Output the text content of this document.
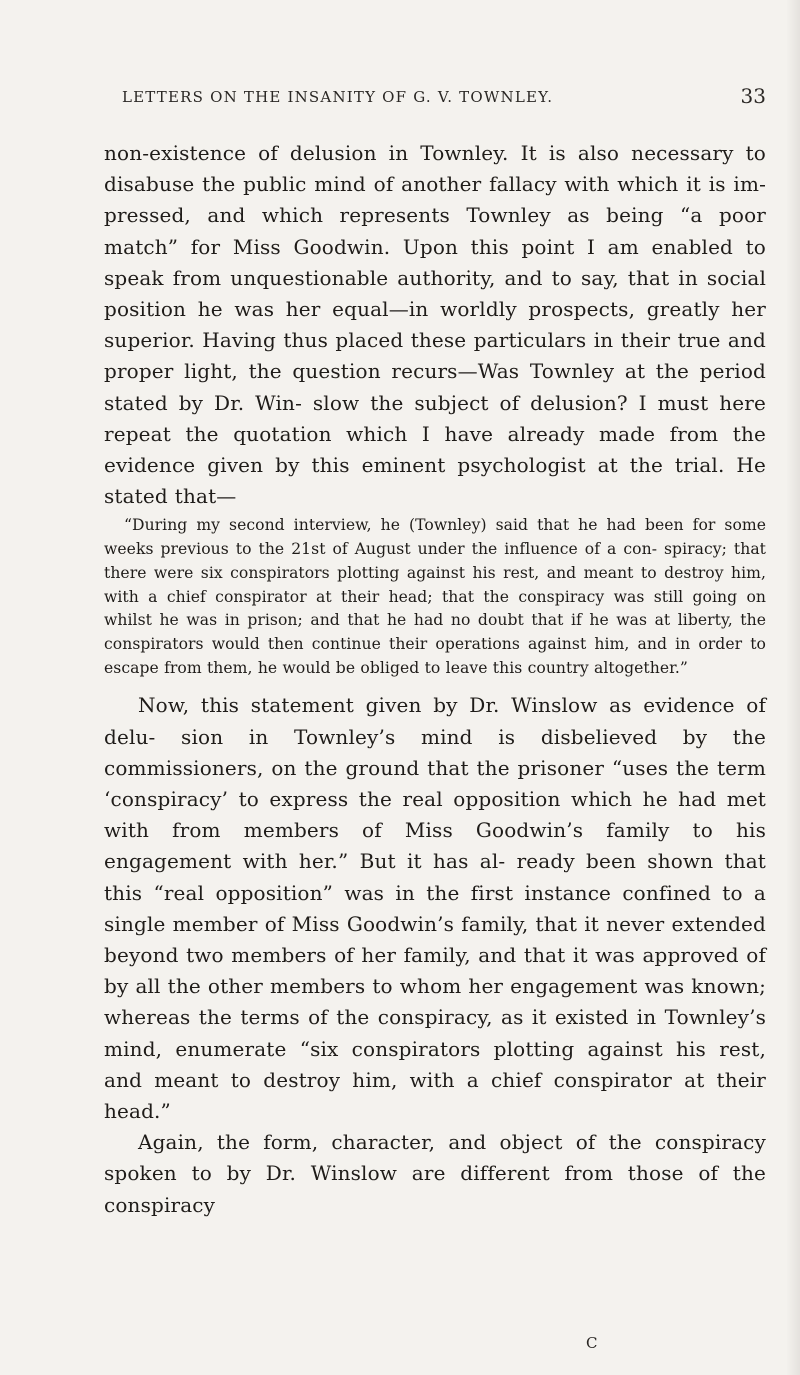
LETTERS ON THE INSANITY OF G. V. TOWNLEY.	33

non-existence of delusion in Townley. It is also necessary to disabuse the public mind of another fallacy with which it is im- pressed, and which represents Townley as being “a poor match” for Miss Goodwin. Upon this point I am enabled to speak from unquestionable authority, and to say, that in social position he was her equal—in worldly prospects, greatly her superior. Having thus placed these particulars in their true and proper light, the question recurs—Was Townley at the period stated by Dr. Win- slow the subject of delusion? I must here repeat the quotation which I have already made from the evidence given by this eminent psychologist at the trial. He stated that—

“During my second interview, he (Townley) said that he had been for some weeks previous to the 21st of August under the influence of a con- spiracy; that there were six conspirators plotting against his rest, and meant to destroy him, with a chief conspirator at their head; that the conspiracy was still going on whilst he was in prison; and that he had no doubt that if he was at liberty, the conspirators would then continue their operations against him, and in order to escape from them, he would be obliged to leave this country altogether.”

Now, this statement given by Dr. Winslow as evidence of delu- sion in Townley’s mind is disbelieved by the commissioners, on the ground that the prisoner “uses the term ‘conspiracy’ to express the real opposition which he had met with from members of Miss Goodwin’s family to his engagement with her.” But it has al- ready been shown that this “real opposition” was in the first instance confined to a single member of Miss Goodwin’s family, that it never extended beyond two members of her family, and that it was approved of by all the other members to whom her engagement was known; whereas the terms of the conspiracy, as it existed in Townley’s mind, enumerate “six conspirators plotting against his rest, and meant to destroy him, with a chief conspirator at their head.”

Again, the form, character, and object of the conspiracy spoken to by Dr. Winslow are different from those of the conspiracy

C
